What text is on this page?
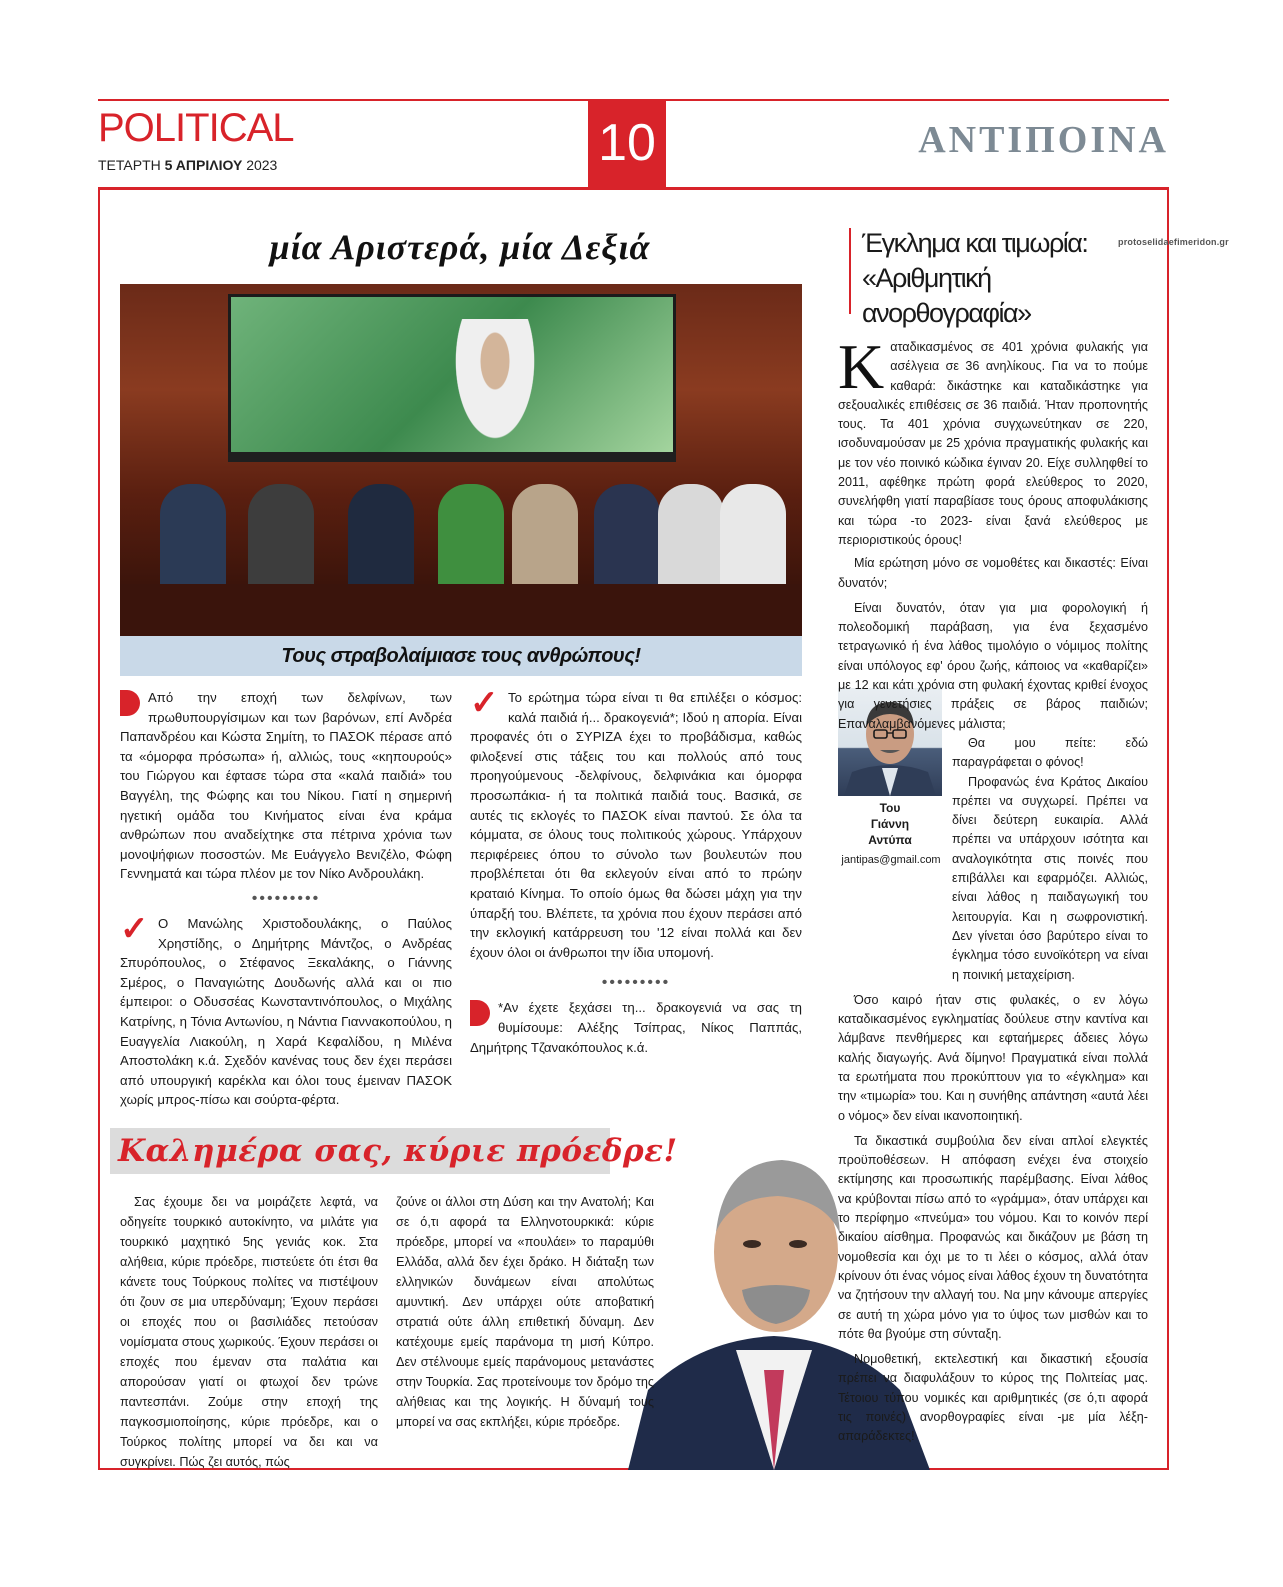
POLITICAL
ΤΕΤΑΡΤΗ 5 ΑΠΡΙΛΙΟΥ 2023	10	ΑΝΤΙΠΟΙΝΑ
μία Αριστερά, μία Δεξιά
Τους στραβολαίμιασε τους ανθρώπους!

Από την εποχή των δελφίνων, των πρωθυπουργίσιμων και των βαρόνων, επί Ανδρέα Παπανδρέου και Κώστα Σημίτη, το ΠΑΣΟΚ πέρασε από τα «όμορφα πρόσωπα» ή, αλλιώς, τους «κηπουρούς» του Γιώργου και έφτασε τώρα στα «καλά παιδιά» του Βαγγέλη, της Φώφης και του Νίκου. Γιατί η σημερινή ηγετική ομάδα του Κινήματος είναι ένα κράμα ανθρώπων που αναδείχτηκε στα πέτρινα χρόνια των μονοψήφιων ποσοστών. Με Ευάγγελο Βενιζέλο, Φώφη Γεννηματά και τώρα πλέον με τον Νίκο Ανδρουλάκη.

•••••••••

✓ Ο Μανώλης Χριστοδουλάκης, ο Παύλος Χρηστίδης, ο Δημήτρης Μάντζος, ο Ανδρέας Σπυρόπουλος, ο Στέφανος Ξεκαλάκης, ο Γιάννης Σμέρος, ο Παναγιώτης Δουδωνής αλλά και οι πιο έμπειροι: ο Οδυσσέας Κωνσταντινόπουλος, ο Μιχάλης Κατρίνης, η Τόνια Αντωνίου, η Νάντια Γιαννακοπούλου, η Ευαγγελία Λιακούλη, η Χαρά Κεφαλίδου, η Μιλένα Αποστολάκη κ.ά. Σχεδόν κανένας τους δεν έχει περάσει από υπουργική καρέκλα και όλοι τους έμειναν ΠΑΣΟΚ χωρίς μπρος-πίσω και σούρτα-φέρτα.

✓ Το ερώτημα τώρα είναι τι θα επιλέξει ο κόσμος: καλά παιδιά ή... δρακογενιά*; Ιδού η απορία. Είναι προφανές ότι ο ΣΥΡΙΖΑ έχει το προβάδισμα, καθώς φιλοξενεί στις τάξεις του και πολλούς από τους προηγούμενους -δελφίνους, δελφινάκια και όμορφα προσωπάκια- ή τα πολιτικά παιδιά τους. Βασικά, σε αυτές τις εκλογές το ΠΑΣΟΚ είναι παντού. Σε όλα τα κόμματα, σε όλους τους πολιτικούς χώρους. Υπάρχουν περιφέρειες όπου το σύνολο των βουλευτών που προβλέπεται ότι θα εκλεγούν είναι από το πρώην κραταιό Κίνημα. Το οποίο όμως θα δώσει μάχη για την ύπαρξή του. Βλέπετε, τα χρόνια που έχουν περάσει από την εκλογική κατάρρευση του '12 είναι πολλά και δεν έχουν όλοι οι άνθρωποι την ίδια υπομονή.

•••••••••

*Αν έχετε ξεχάσει τη... δρακογενιά να σας τη θυμίσουμε: Αλέξης Τσίπρας, Νίκος Παππάς, Δημήτρης Τζανακόπουλος κ.ά.

Καλημέρα σας, κύριε πρόεδρε!

Σας έχουμε δει να μοιράζετε λεφτά, να οδηγείτε τουρκικό αυτοκίνητο, να μιλάτε για τουρκικό μαχητικό 5ης γενιάς κοκ. Στα αλήθεια, κύριε πρόεδρε, πιστεύετε ότι έτσι θα κάνετε τους Τούρκους πολίτες να πιστέψουν ότι ζουν σε μια υπερδύναμη; Έχουν περάσει οι εποχές που οι βασιλιάδες πετούσαν νομίσματα στους χωρικούς. Έχουν περάσει οι εποχές που έμεναν στα παλάτια και απορούσαν γιατί οι φτωχοί δεν τρώνε παντεσπάνι. Ζούμε στην εποχή της παγκοσμιοποίησης, κύριε πρόεδρε, και ο Τούρκος πολίτης μπορεί να δει και να συγκρίνει. Πώς ζει αυτός, πώς

ζούνε οι άλλοι στη Δύση και την Ανατολή; Και σε ό,τι αφορά τα Ελληνοτουρκικά: κύριε πρόεδρε, μπορεί να «πουλάει» το παραμύθι Ελλάδα, αλλά δεν έχει δράκο. Η διάταξη των ελληνικών δυνάμεων είναι απολύτως αμυντική. Δεν υπάρχει ούτε αποβατική στρατιά ούτε άλλη επιθετική δύναμη. Δεν κατέχουμε εμείς παράνομα τη μισή Κύπρο. Δεν στέλνουμε εμείς παράνομους μετανάστες στην Τουρκία. Σας προτείνουμε τον δρόμο της αλήθειας και της λογικής. Η δύναμή τους μπορεί να σας εκπλήξει, κύριε πρόεδρε.

Έγκλημα και τιμωρία:
«Αριθμητική
ανορθογραφία»
protoselidaefimeridon.gr
Του
Γιάννη
Αντύπα
jantipas@gmail.com

Καταδικασμένος σε 401 χρόνια φυλακής για ασέλγεια σε 36 ανηλίκους. Για να το πούμε καθαρά: δικάστηκε και καταδικάστηκε για σεξουαλικές επιθέσεις σε 36 παιδιά. Ήταν προπονητής τους. Τα 401 χρόνια συγχωνεύτηκαν σε 220, ισοδυναμούσαν με 25 χρόνια πραγματικής φυλακής και με τον νέο ποινικό κώδικα έγιναν 20. Είχε συλληφθεί το 2011, αφέθηκε πρώτη φορά ελεύθερος το 2020, συνελήφθη γιατί παραβίασε τους όρους αποφυλάκισης και τώρα -το 2023- είναι ξανά ελεύθερος με περιοριστικούς όρους!

Μία ερώτηση μόνο σε νομοθέτες και δικαστές: Είναι δυνατόν;

Είναι δυνατόν, όταν για μια φορολογική ή πολεοδομική παράβαση, για ένα ξεχασμένο τετραγωνικό ή ένα λάθος τιμολόγιο ο νόμιμος πολίτης είναι υπόλογος εφ' όρου ζωής, κάποιος να «καθαρίζει» με 12 και κάτι χρόνια στη φυλακή έχοντας κριθεί ένοχος για γενετήσιες πράξεις σε βάρος παιδιών; Επαναλαμβανόμενες μάλιστα;

Θα μου πείτε: εδώ παραγράφεται ο φόνος!

Προφανώς ένα Κράτος Δικαίου πρέπει να συγχωρεί. Πρέπει να δίνει δεύτερη ευκαιρία. Αλλά πρέπει να υπάρχουν ισότητα και αναλογικότητα στις ποινές που επιβάλλει και εφαρμόζει. Αλλιώς, είναι λάθος η παιδαγωγική του λειτουργία. Και η σωφρονιστική. Δεν γίνεται όσο βαρύτερο είναι το έγκλημα τόσο ευνοϊκότερη να είναι η ποινική μεταχείριση.

Όσο καιρό ήταν στις φυλακές, ο εν λόγω καταδικασμένος εγκληματίας δούλευε στην καντίνα και λάμβανε πενθήμερες και εφταήμερες άδειες λόγω καλής διαγωγής. Ανά δίμηνο! Πραγματικά είναι πολλά τα ερωτήματα που προκύπτουν για το «έγκλημα» και την «τιμωρία» του. Και η συνήθης απάντηση «αυτά λέει ο νόμος» δεν είναι ικανοποιητική.

Τα δικαστικά συμβούλια δεν είναι απλοί ελεγκτές προϋποθέσεων. Η απόφαση ενέχει ένα στοιχείο εκτίμησης και προσωπικής παρέμβασης. Είναι λάθος να κρύβονται πίσω από το «γράμμα», όταν υπάρχει και το περίφημο «πνεύμα» του νόμου. Και το κοινόν περί δικαίου αίσθημα. Προφανώς και δικάζουν με βάση τη νομοθεσία και όχι με το τι λέει ο κόσμος, αλλά όταν κρίνουν ότι ένας νόμος είναι λάθος έχουν τη δυνατότητα να ζητήσουν την αλλαγή του. Να μην κάνουμε απεργίες σε αυτή τη χώρα μόνο για το ύψος των μισθών και το πότε θα βγούμε στη σύνταξη.

Νομοθετική, εκτελεστική και δικαστική εξουσία πρέπει να διαφυλάξουν το κύρος της Πολιτείας μας. Τέτοιου τύπου νομικές και αριθμητικές (σε ό,τι αφορά τις ποινές) ανορθογραφίες είναι -με μία λέξη- απαράδεκτες!
